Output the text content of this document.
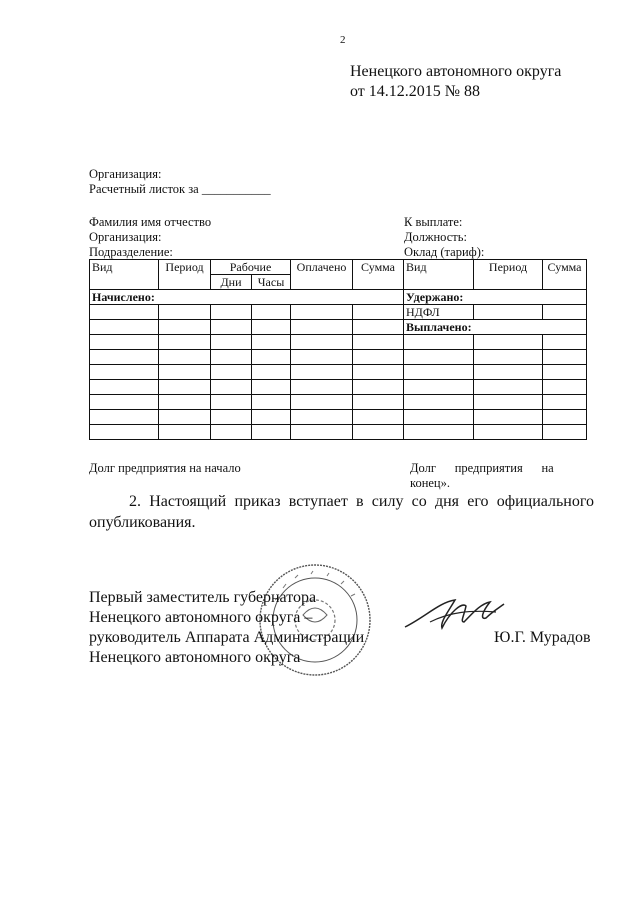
2
Ненецкого автономного округа
от 14.12.2015 № 88
Организация:
Расчетный листок за ___________
Фамилия имя отчество
Организация:
Подразделение:
К выплате:
Должность:
Оклад (тариф):
Вид	Период	Рабочие		Оплачено	Сумма	Вид	Период	Сумма
		Дни	Часы					
Начислено:						Удержано:		
						НДФЛ		
						Выплачено:		

Долг предприятия на начало	Долг      предприятия      на
конец».
2. Настоящий приказ вступает в силу со дня его официального опубликования.
Первый заместитель губернатора
Ненецкого автономного округа –
руководитель Аппарата Администрации
Ненецкого автономного округа
Ю.Г. Мурадов
